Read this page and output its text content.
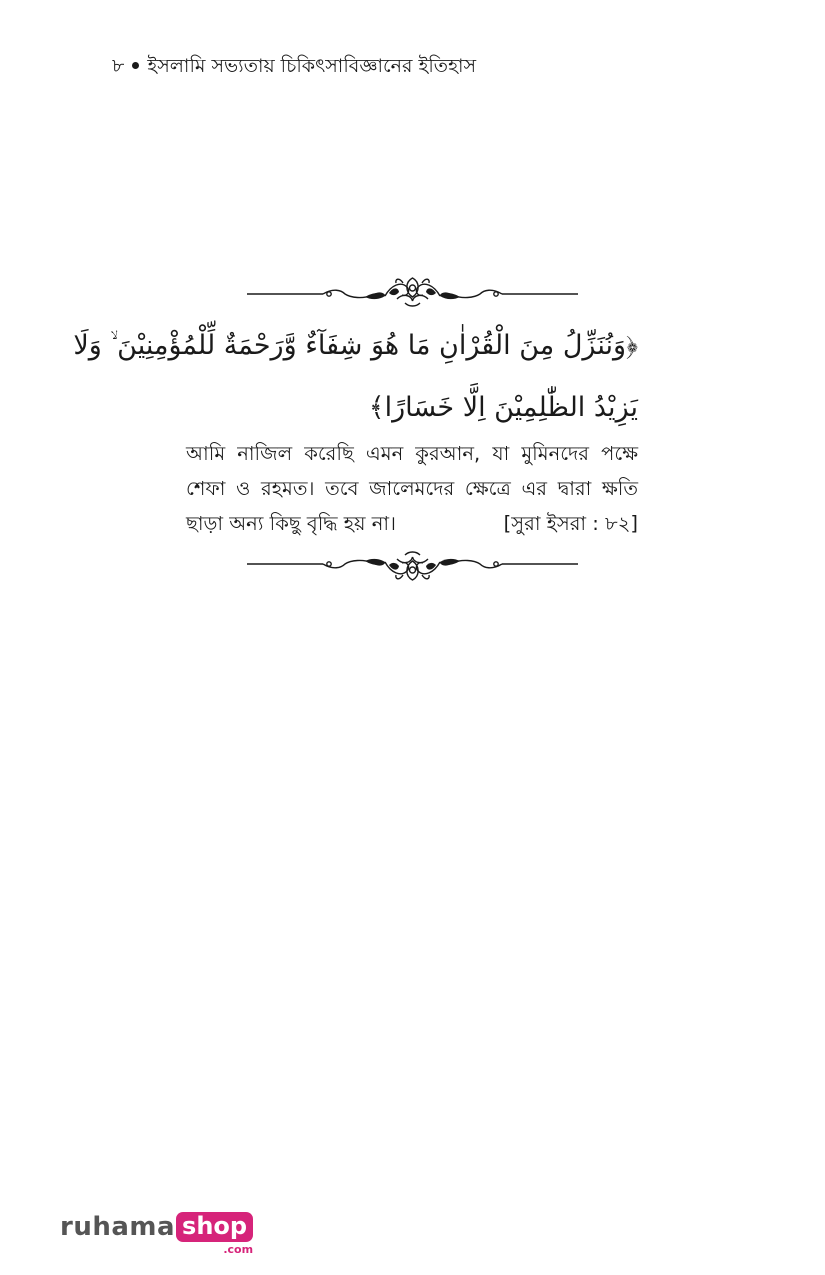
৮ ইসলামি সভ্যতায় চিকিৎসাবিজ্ঞানের ইতিহাস
﴿وَنُنَزِّلُ مِنَ الْقُرْاٰنِ مَا هُوَ شِفَآءٌ وَّرَحْمَةٌ لِّلْمُؤْمِنِيْنَ ۙ وَلَا
يَزِيْدُ الظّٰلِمِيْنَ اِلَّا خَسَارًا﴾
আমি নাজিল করেছি এমন কুরআন, যা মুমিনদের পক্ষে
শেফা ও রহমত। তবে জালেমদের ক্ষেত্রে এর দ্বারা ক্ষতি
ছাড়া অন্য কিছু বৃদ্ধি হয় না।	[সুরা ইসরা : ৮২]
ruhama shop
.com
